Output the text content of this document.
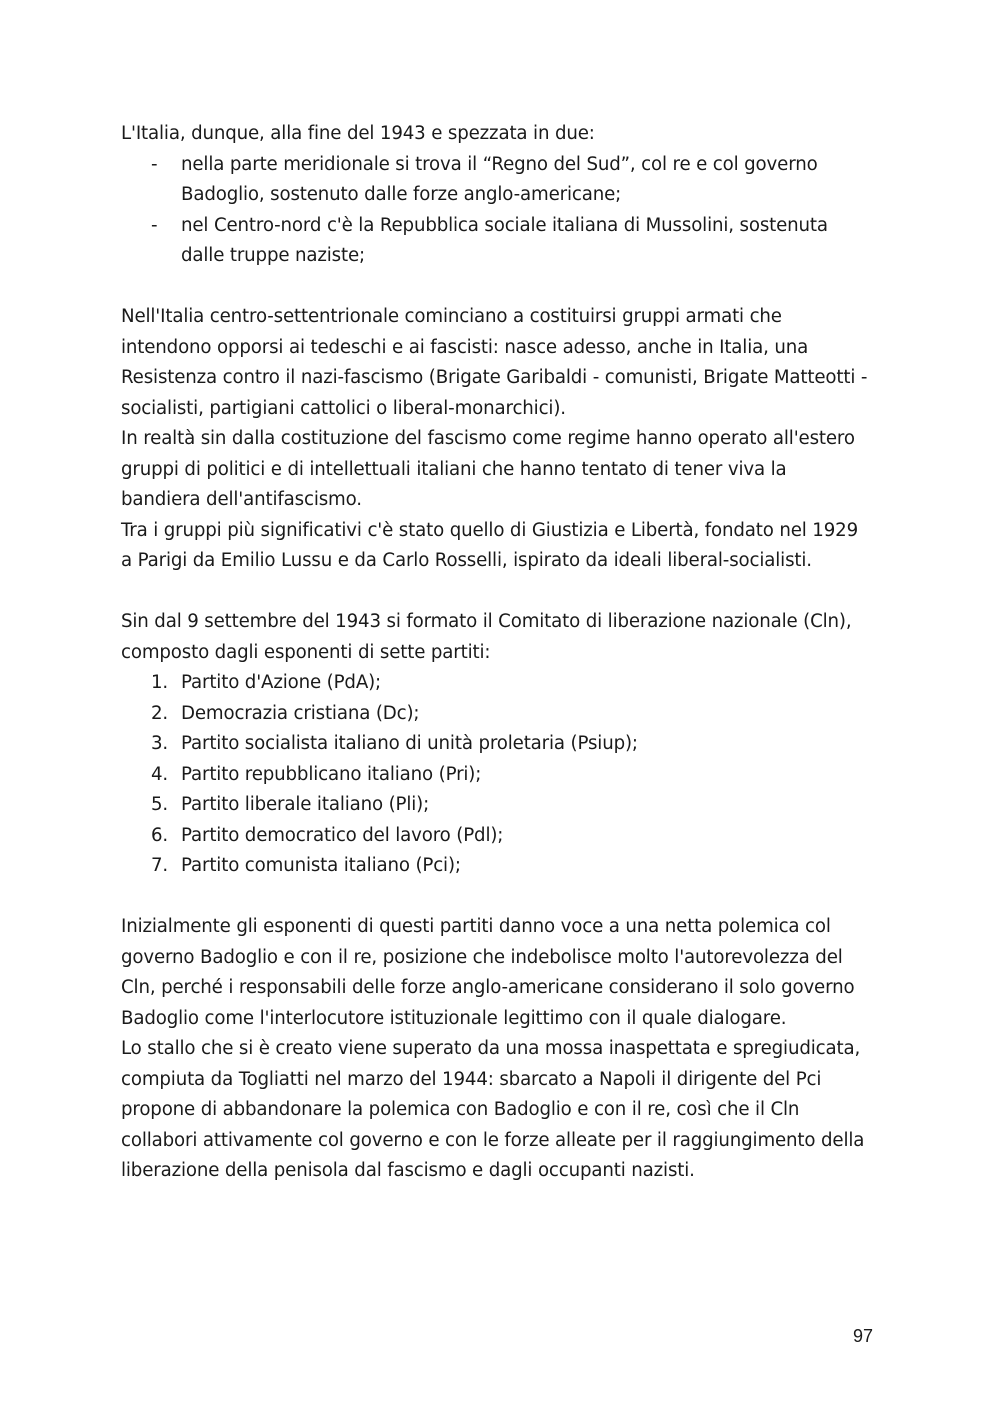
L'Italia, dunque, alla fine del 1943 e spezzata in due:

- nella parte meridionale si trova il “Regno del Sud”, col re e col governo Badoglio, sostenuto dalle forze anglo-americane;
- nel Centro-nord c'è la Repubblica sociale italiana di Mussolini, sostenuta dalle truppe naziste;

Nell'Italia centro-settentrionale cominciano a costituirsi gruppi armati che intendono opporsi ai tedeschi e ai fascisti: nasce adesso, anche in Italia, una Resistenza contro il nazi-fascismo (Brigate Garibaldi - comunisti, Brigate Matteotti - socialisti, partigiani cattolici o liberal-monarchici).

In realtà sin dalla costituzione del fascismo come regime hanno operato all'estero gruppi di politici e di intellettuali italiani che hanno tentato di tener viva la bandiera dell'antifascismo.

Tra i gruppi più significativi c'è stato quello di Giustizia e Libertà, fondato nel 1929 a Parigi da Emilio Lussu e da Carlo Rosselli, ispirato da ideali liberal-socialisti.

Sin dal 9 settembre del 1943 si formato il Comitato di liberazione nazionale (Cln), composto dagli esponenti di sette partiti:

1. Partito d'Azione (PdA);
2. Democrazia cristiana (Dc);
3. Partito socialista italiano di unità proletaria (Psiup);
4. Partito repubblicano italiano (Pri);
5. Partito liberale italiano (Pli);
6. Partito democratico del lavoro (Pdl);
7. Partito comunista italiano (Pci);

Inizialmente gli esponenti di questi partiti danno voce a una netta polemica col governo Badoglio e con il re, posizione che indebolisce molto l'autorevolezza del Cln, perché i responsabili delle forze anglo-americane considerano il solo governo Badoglio come l'interlocutore istituzionale legittimo con il quale dialogare.

Lo stallo che si è creato viene superato da una mossa inaspettata e spregiudicata, compiuta da Togliatti nel marzo del 1944: sbarcato a Napoli il dirigente del Pci propone di abbandonare la polemica con Badoglio e con il re, così che il Cln collabori attivamente col governo e con le forze alleate per il raggiungimento della liberazione della penisola dal fascismo e dagli occupanti nazisti.

97
